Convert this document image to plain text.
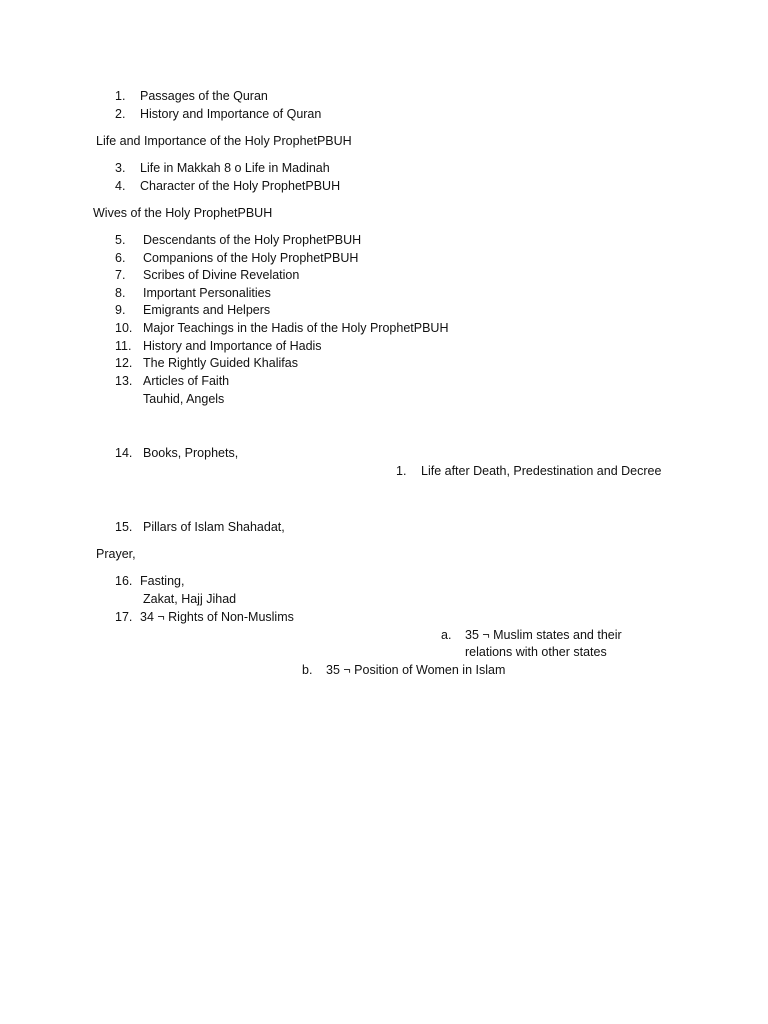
1. Passages of the Quran
2. History and Importance of Quran
Life and Importance of the Holy ProphetPBUH
3. Life in Makkah 8 o Life in Madinah
4. Character of the Holy ProphetPBUH
Wives of the Holy ProphetPBUH
5. Descendants of the Holy ProphetPBUH
6. Companions of the Holy ProphetPBUH
7. Scribes of Divine Revelation
8. Important Personalities
9. Emigrants and Helpers
10. Major Teachings in the Hadis of the Holy ProphetPBUH
11. History and Importance of Hadis
12. The Rightly Guided Khalifas
13. Articles of Faith
Tauhid, Angels
14. Books, Prophets,
1. Life after Death, Predestination and Decree
15. Pillars of Islam Shahadat,
Prayer,
16. Fasting,
Zakat, Hajj Jihad
17. 34 ¬ Rights of Non-Muslims
a. 35 ¬ Muslim states and their
relations with other states
b. 35 ¬ Position of Women in Islam
